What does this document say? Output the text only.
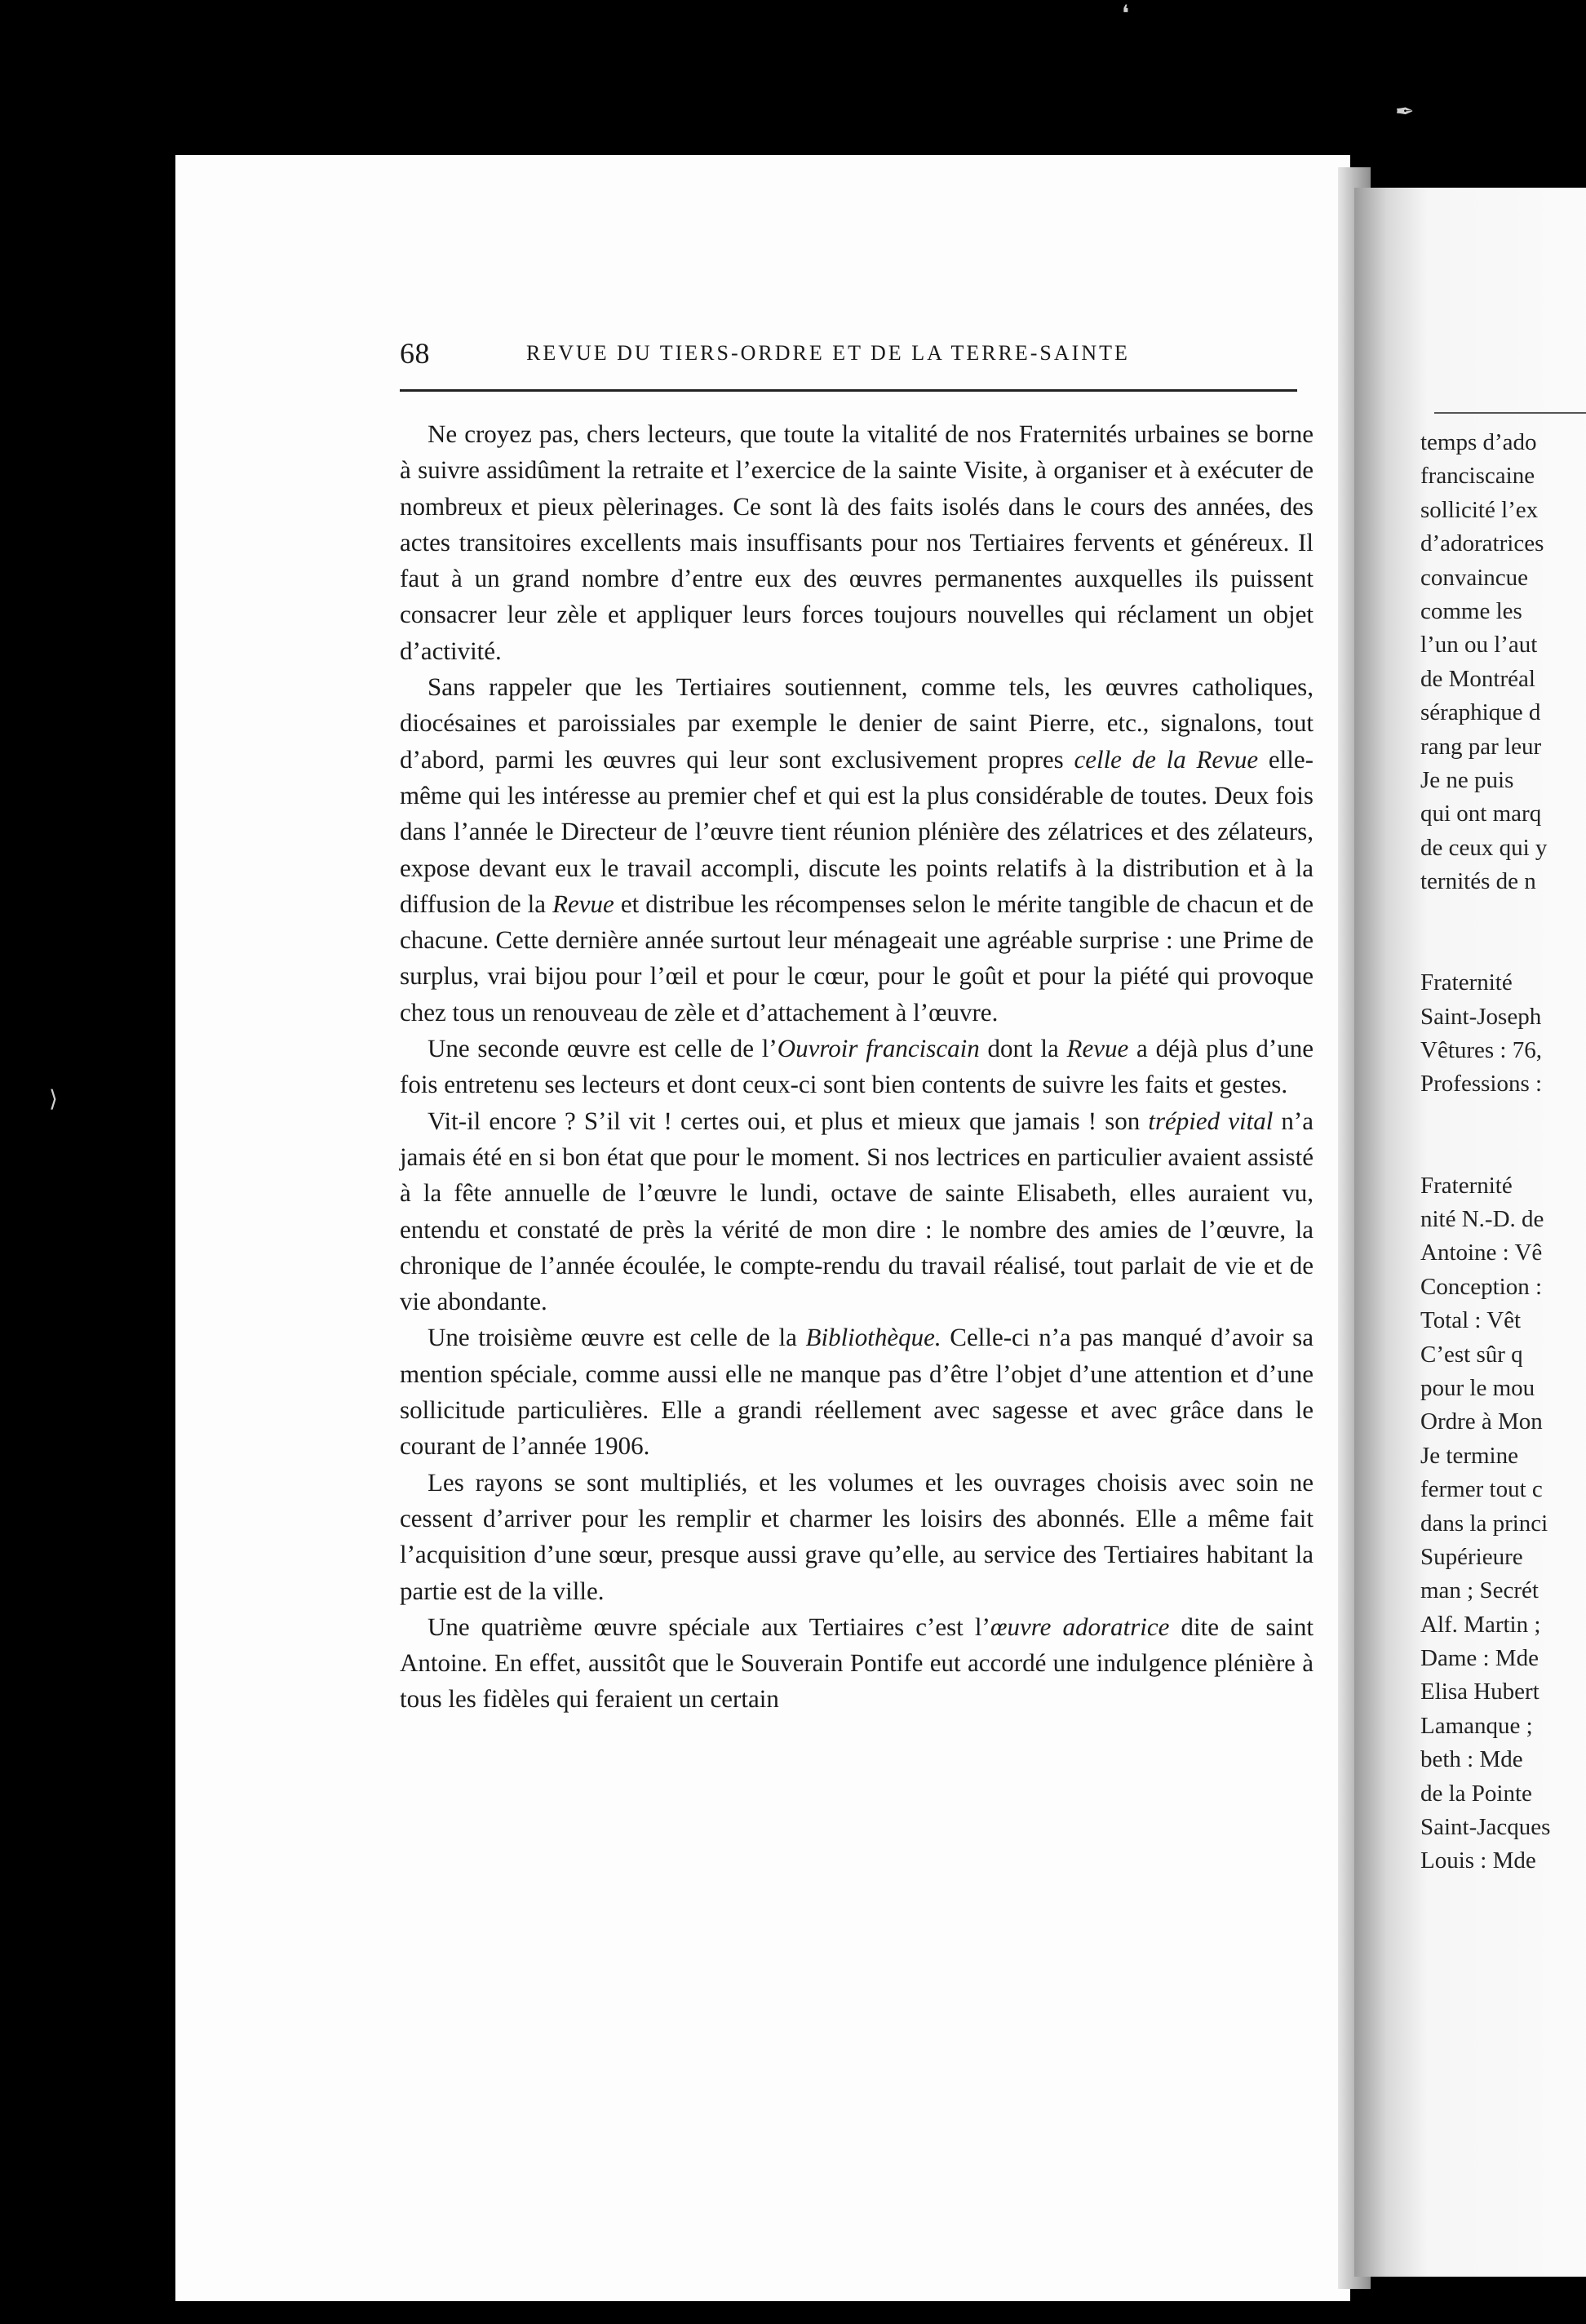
68	REVUE DU TIERS-ORDRE ET DE LA TERRE-SAINTE

Ne croyez pas, chers lecteurs, que toute la vitalité de nos Fraternités urbaines se borne à suivre assidûment la retraite et l’exercice de la sainte Visite, à organiser et à exécuter de nombreux et pieux pèlerinages. Ce sont là des faits isolés dans le cours des années, des actes transitoires excellents mais insuffisants pour nos Tertiaires fervents et généreux. Il faut à un grand nombre d’entre eux des œuvres permanentes auxquelles ils puissent consacrer leur zèle et appliquer leurs forces toujours nouvelles qui réclament un objet d’activité.

Sans rappeler que les Tertiaires soutiennent, comme tels, les œuvres catholiques, diocésaines et paroissiales par exemple le denier de saint Pierre, etc., signalons, tout d’abord, parmi les œuvres qui leur sont exclusivement propres celle de la Revue elle-même qui les intéresse au premier chef et qui est la plus considérable de toutes. Deux fois dans l’année le Directeur de l’œuvre tient réunion plénière des zélatrices et des zélateurs, expose devant eux le travail accompli, discute les points relatifs à la distribution et à la diffusion de la Revue et distribue les récompenses selon le mérite tangible de chacun et de chacune. Cette dernière année surtout leur ménageait une agréable surprise : une Prime de surplus, vrai bijou pour l’œil et pour le cœur, pour le goût et pour la piété qui provoque chez tous un renouveau de zèle et d’attachement à l’œuvre.

Une seconde œuvre est celle de l’Ouvroir franciscain dont la Revue a déjà plus d’une fois entretenu ses lecteurs et dont ceux-ci sont bien contents de suivre les faits et gestes.

Vit-il encore ? S’il vit ! certes oui, et plus et mieux que jamais ! son trépied vital n’a jamais été en si bon état que pour le moment. Si nos lectrices en particulier avaient assisté à la fête annuelle de l’œuvre le lundi, octave de sainte Elisabeth, elles auraient vu, entendu et constaté de près la vérité de mon dire : le nombre des amies de l’œuvre, la chronique de l’année écoulée, le compte-rendu du travail réalisé, tout parlait de vie et de vie abondante.

Une troisième œuvre est celle de la Bibliothèque. Celle-ci n’a pas manqué d’avoir sa mention spéciale, comme aussi elle ne manque pas d’être l’objet d’une attention et d’une sollicitude particulières. Elle a grandi réellement avec sagesse et avec grâce dans le courant de l’année 1906.

Les rayons se sont multipliés, et les volumes et les ouvrages choisis avec soin ne cessent d’arriver pour les remplir et charmer les loisirs des abonnés. Elle a même fait l’acquisition d’une sœur, presque aussi grave qu’elle, au service des Tertiaires habitant la partie est de la ville.

Une quatrième œuvre spéciale aux Tertiaires c’est l’œuvre adoratrice dite de saint Antoine. En effet, aussitôt que le Souverain Pontife eut accordé une indulgence plénière à tous les fidèles qui feraient un certain

temps d’ado
franciscaine
sollicité l’ex
d’adoratrices
convaincue
comme les
l’un ou l’aut
de Montréal
séraphique d
rang par leur
Je ne puis
qui ont marq
de ceux qui y
ternités de n
Fraternité
Saint-Joseph
Vêtures : 76,
Professions :
Fraternité
nité N.-D. de
Antoine : Vê
Conception :
Total : Vêt
C’est sûr q
pour le mou
Ordre à Mon
Je termine
fermer tout c
dans la princi
Supérieure
man ; Secrét
Alf. Martin ;
Dame : Mde
Elisa Hubert
Lamanque ;
beth : Mde
de la Pointe
Saint-Jacques
Louis : Mde
❛
✒
⟩
